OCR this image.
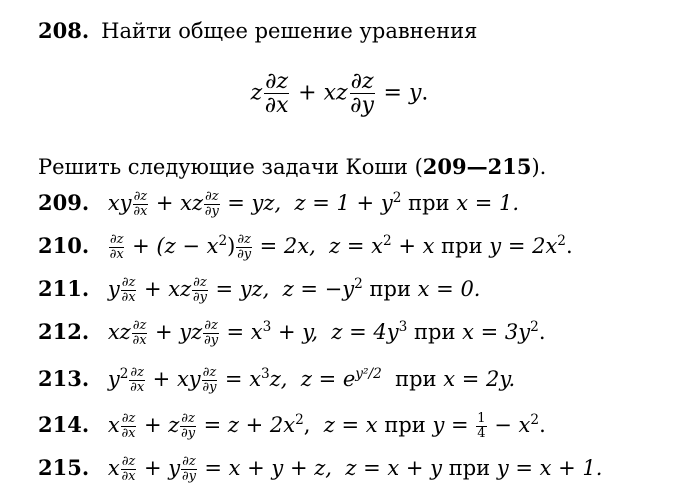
208. Найти общее решение уравнения
z $\frac{\partial z}{\partial x}$ + xz $\frac{\partial z}{\partial y} = y$.
Решить следующие задачи Коши (209—215).
209. xy $\frac{\partial z}{\partial x}$ + xz $\frac{\partial z}{\partial y}$ = yz, $z = 1 + y^2$ при x = 1.
210. $\frac{\partial z}{\partial x} + (z - x^2) \frac{\partial z}{\partial y} = 2x$, $z = x^2 + x$ при $y = 2x^2$.
211. y $\frac{\partial z}{\partial x}$ + xz $\frac{\partial z}{\partial y}$ = yz, $z = -y^2$ при x = 0.
212. xz $\frac{\partial z}{\partial x}$ + yz $\frac{\partial z}{\partial y} = x^3 + y$, $z = 4y^3$ при $x = 3y^2$.
213. $y^2 \frac{\partial z}{\partial x}$ + xy $\frac{\partial z}{\partial y} = x^3z$, $z = e^{y^2/2}$ при x = 2y.
214. x $\frac{\partial z}{\partial x} + z \frac{\partial z}{\partial y} = z + 2x^2$, z = x при $y = \frac{1}{4} - x^2$.
215. x $\frac{\partial z}{\partial x} + y \frac{\partial z}{\partial y} = x + y + z$, z = x + y при y = x + 1.
